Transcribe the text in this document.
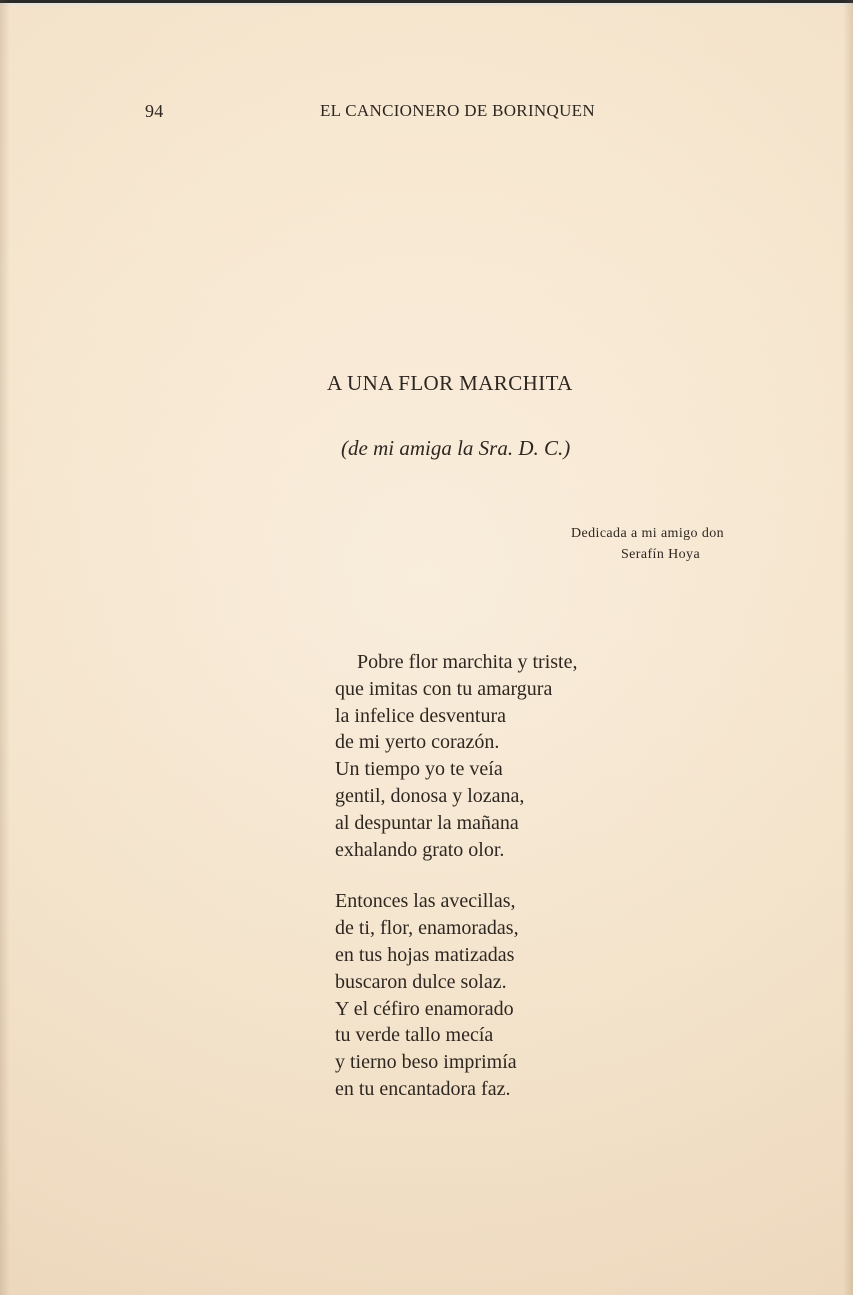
94	EL CANCIONERO DE BORINQUEN
A UNA FLOR MARCHITA
(de mi amiga la Sra. D. C.)
Dedicada a mi amigo don
Serafín Hoya
Pobre flor marchita y triste,
que imitas con tu amargura
la infelice desventura
de mi yerto corazón.
Un tiempo yo te veía
gentil, donosa y lozana,
al despuntar la mañana
exhalando grato olor.
Entonces las avecillas,
de ti, flor, enamoradas,
en tus hojas matizadas
buscaron dulce solaz.
Y el céfiro enamorado
tu verde tallo mecía
y tierno beso imprimía
en tu encantadora faz.
